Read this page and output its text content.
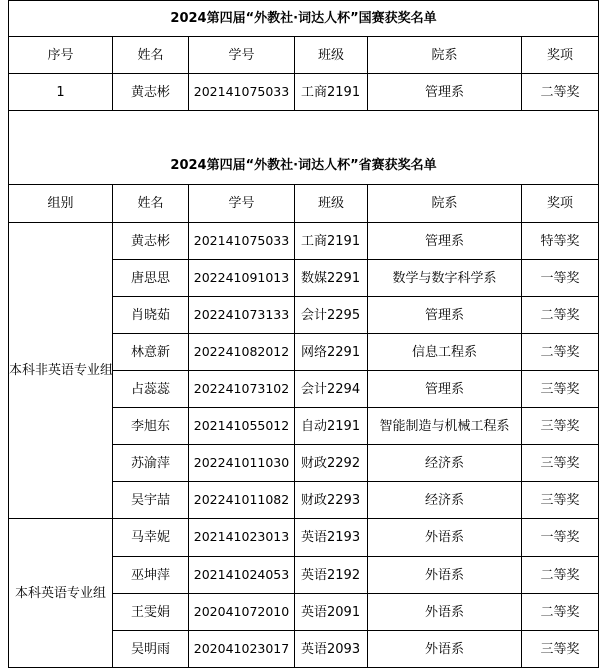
2024第四届“外教社·词达人杯”国赛获奖名单					
序号	姓名	学号	班级	院系	奖项
1	黄志彬	202141075033	工商2191	管理系	二等奖

2024第四届“外教社·词达人杯”省赛获奖名单					
组别	姓名	学号	班级	院系	奖项
本科非英语专业组	黄志彬	202141075033	工商2191	管理系	特等奖
	唐思思	202241091013	数媒2291	数学与数字科学系	一等奖
	肖晓茹	202241073133	会计2295	管理系	二等奖
	林意新	202241082012	网络2291	信息工程系	二等奖
	占蕊蕊	202241073102	会计2294	管理系	三等奖
	李旭东	202141055012	自动2191	智能制造与机械工程系	三等奖
	苏渝萍	202241011030	财政2292	经济系	三等奖
	吴宇喆	202241011082	财政2293	经济系	三等奖
本科英语专业组	马幸妮	202141023013	英语2193	外语系	一等奖
	巫坤萍	202141024053	英语2192	外语系	二等奖
	王雯娟	202041072010	英语2091	外语系	二等奖
	吴明雨	202041023017	英语2093	外语系	三等奖
